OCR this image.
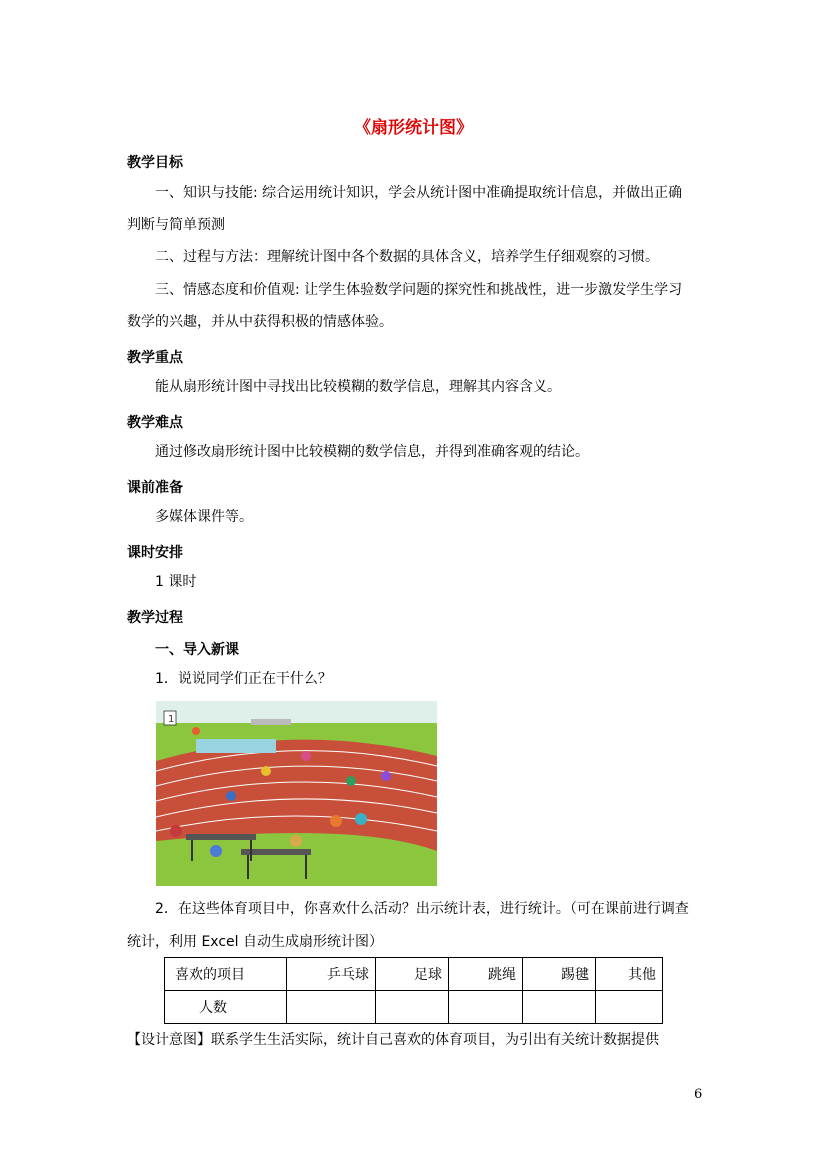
《扇形统计图》
教学目标
一、知识与技能: 综合运用统计知识，学会从统计图中准确提取统计信息，并做出正确
判断与简单预测
二、过程与方法：理解统计图中各个数据的具体含义，培养学生仔细观察的习惯。
三、情感态度和价值观: 让学生体验数学问题的探究性和挑战性，进一步激发学生学习
数学的兴趣，并从中获得积极的情感体验。
教学重点
能从扇形统计图中寻找出比较模糊的数学信息，理解其内容含义。
教学难点
通过修改扇形统计图中比较模糊的数学信息，并得到准确客观的结论。
课前准备
多媒体课件等。
课时安排
1 课时
教学过程
一、导入新课
1．说说同学们正在干什么？
1
2．在这些体育项目中，你喜欢什么活动？出示统计表，进行统计。（可在课前进行调查
统计，利用 Excel 自动生成扇形统计图）
喜欢的项目	乒乓球	足球	跳绳	踢毽	其他
人数					
【设计意图】联系学生生活实际，统计自己喜欢的体育项目，为引出有关统计数据提供
6
